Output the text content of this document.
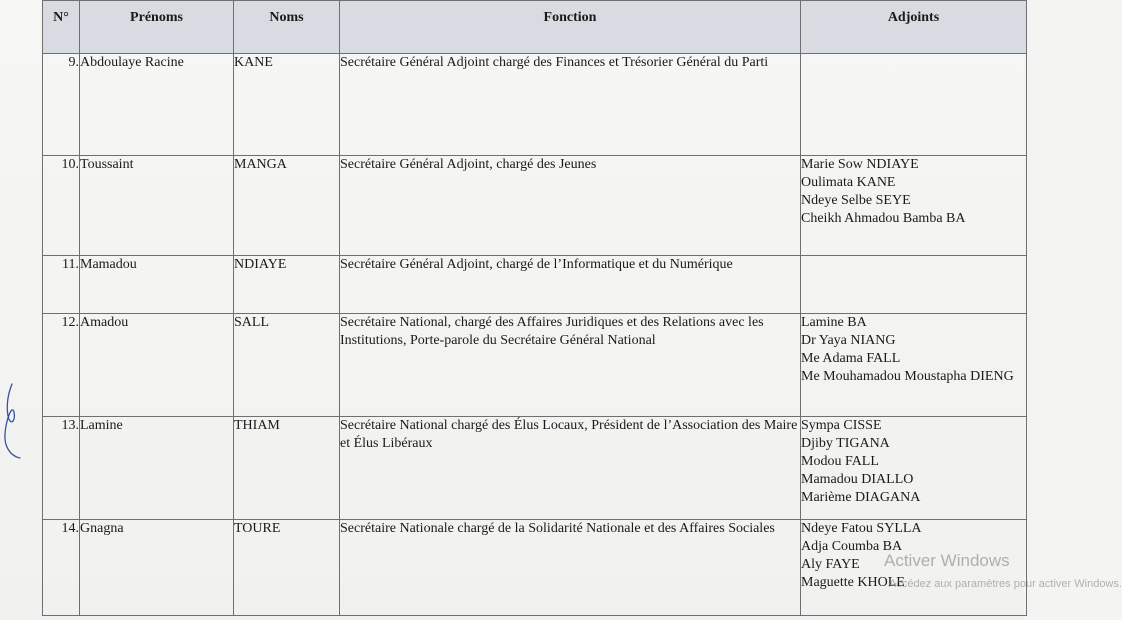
N°	Prénoms	Noms	Fonction	Adjoints
9.	Abdoulaye Racine	KANE	Secrétaire Général Adjoint chargé des Finances et Trésorier Général du Parti	
10.	Toussaint	MANGA	Secrétaire Général Adjoint, chargé des Jeunes	Marie Sow NDIAYE
Oulimata KANE
Ndeye Selbe SEYE
Cheikh Ahmadou Bamba BA

11.	Mamadou	NDIAYE	Secrétaire Général Adjoint, chargé de l’Informatique et du Numérique	
12.	Amadou	SALL	Secrétaire National, chargé des Affaires Juridiques et des Relations avec les Institutions, Porte-parole du Secrétaire Général National	Lamine BA
Dr Yaya NIANG
Me Adama FALL
Me Mouhamadou Moustapha DIENG

13.	Lamine	THIAM	Secrétaire National chargé des Élus Locaux, Président de l’Association des Maire et Élus Libéraux	Sympa CISSE
Djiby TIGANA
Modou FALL
Mamadou DIALLO
Marième DIAGANA

14.	Gnagna	TOURE	Secrétaire Nationale chargé de la Solidarité Nationale et des Affaires Sociales	Ndeye Fatou SYLLA
Adja Coumba BA
Aly FAYE
Maguette KHOLE
Activer Windows
Accédez aux paramètres pour activer Windows.
